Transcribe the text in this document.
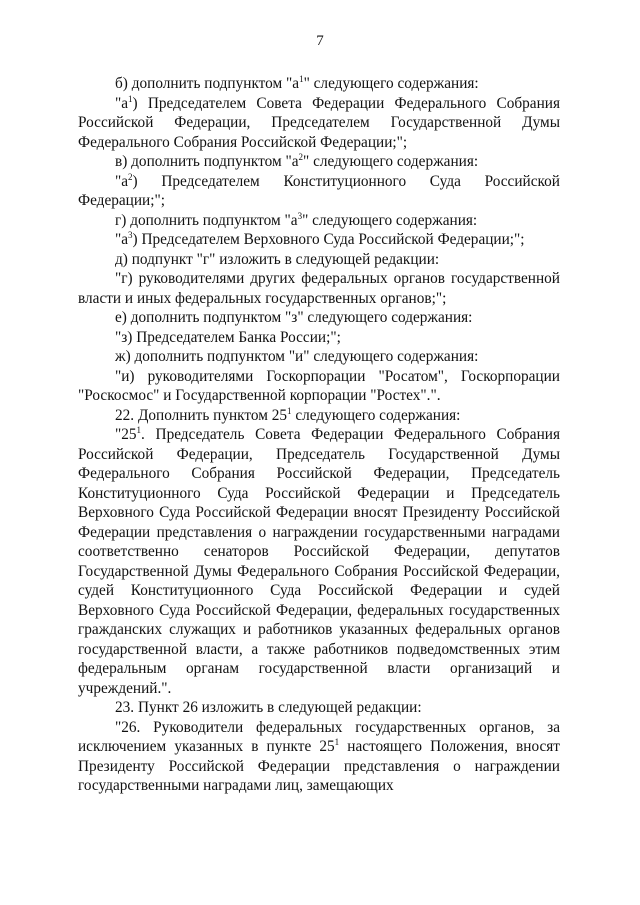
7

б) дополнить подпунктом "$а^1$" следующего содержания:

"$а^1$) Председателем Совета Федерации Федерального Собрания Российской Федерации, Председателем Государственной Думы Федерального Собрания Российской Федерации;";

в) дополнить подпунктом "$а^2$" следующего содержания:

"$а^2$) Председателем Конституционного Суда Российской Федерации;";

г) дополнить подпунктом "$а^3$" следующего содержания:

"$а^3$) Председателем Верховного Суда Российской Федерации;";

д) подпункт "г" изложить в следующей редакции:

"г) руководителями других федеральных органов государственной власти и иных федеральных государственных органов;";

е) дополнить подпунктом "з" следующего содержания:

"з) Председателем Банка России;";

ж) дополнить подпунктом "и" следующего содержания:

"и) руководителями Госкорпорации "Росатом", Госкорпорации "Роскосмос" и Государственной корпорации "Ростех".".

22. Дополнить пунктом $25^1$ следующего содержания:

"$25^1$. Председатель Совета Федерации Федерального Собрания Российской Федерации, Председатель Государственной Думы Федерального Собрания Российской Федерации, Председатель Конституционного Суда Российской Федерации и Председатель Верховного Суда Российской Федерации вносят Президенту Российской Федерации представления о награждении государственными наградами соответственно сенаторов Российской Федерации, депутатов Государственной Думы Федерального Собрания Российской Федерации, судей Конституционного Суда Российской Федерации и судей Верховного Суда Российской Федерации, федеральных государственных гражданских служащих и работников указанных федеральных органов государственной власти, а также работников подведомственных этим федеральным органам государственной власти организаций и учреждений.".

23. Пункт 26 изложить в следующей редакции:

"26. Руководители федеральных государственных органов, за исключением указанных в пункте $25^1$ настоящего Положения, вносят Президенту Российской Федерации представления о награждении государственными наградами лиц, замещающих
